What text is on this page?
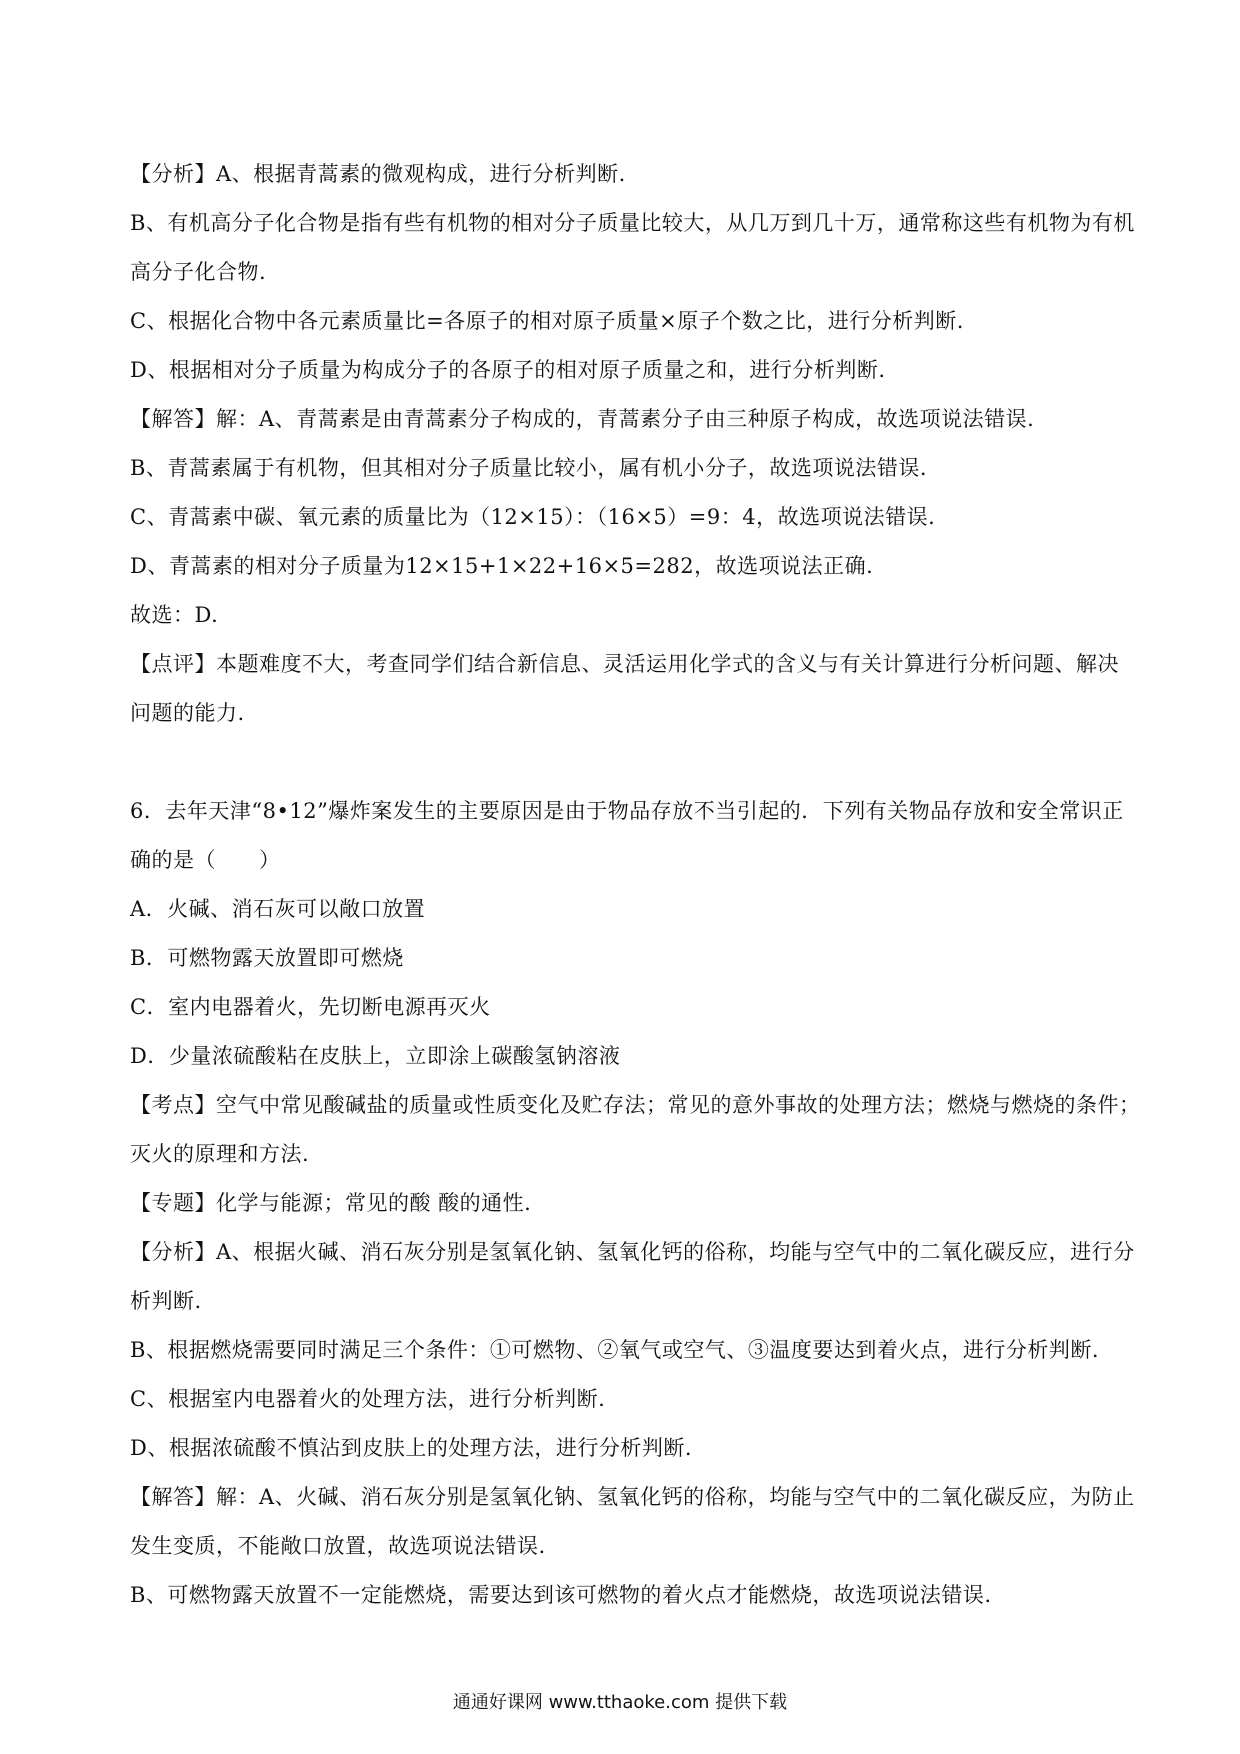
【分析】A、根据青蒿素的微观构成，进行分析判断.
B、有机高分子化合物是指有些有机物的相对分子质量比较大，从几万到几十万，通常称这些有机物为有机
高分子化合物.
C、根据化合物中各元素质量比=各原子的相对原子质量×原子个数之比，进行分析判断.
D、根据相对分子质量为构成分子的各原子的相对原子质量之和，进行分析判断.
【解答】解：A、青蒿素是由青蒿素分子构成的，青蒿素分子由三种原子构成，故选项说法错误.
B、青蒿素属于有机物，但其相对分子质量比较小，属有机小分子，故选项说法错误.
C、青蒿素中碳、氧元素的质量比为（12×15）：（16×5）=9：4，故选项说法错误.
D、青蒿素的相对分子质量为12×15+1×22+16×5=282，故选项说法正确.
故选：D.
【点评】本题难度不大，考查同学们结合新信息、灵活运用化学式的含义与有关计算进行分析问题、解决
问题的能力.
6．去年天津“8•12”爆炸案发生的主要原因是由于物品存放不当引起的．下列有关物品存放和安全常识正
确的是（　　）
A．火碱、消石灰可以敞口放置
B．可燃物露天放置即可燃烧
C．室内电器着火，先切断电源再灭火
D．少量浓硫酸粘在皮肤上，立即涂上碳酸氢钠溶液
【考点】空气中常见酸碱盐的质量或性质变化及贮存法；常见的意外事故的处理方法；燃烧与燃烧的条件；
灭火的原理和方法.
【专题】化学与能源；常见的酸 酸的通性.
【分析】A、根据火碱、消石灰分别是氢氧化钠、氢氧化钙的俗称，均能与空气中的二氧化碳反应，进行分
析判断.
B、根据燃烧需要同时满足三个条件：①可燃物、②氧气或空气、③温度要达到着火点，进行分析判断.
C、根据室内电器着火的处理方法，进行分析判断.
D、根据浓硫酸不慎沾到皮肤上的处理方法，进行分析判断.
【解答】解：A、火碱、消石灰分别是氢氧化钠、氢氧化钙的俗称，均能与空气中的二氧化碳反应，为防止
发生变质，不能敞口放置，故选项说法错误.
B、可燃物露天放置不一定能燃烧，需要达到该可燃物的着火点才能燃烧，故选项说法错误.
通通好课网 www.tthaoke.com 提供下载
